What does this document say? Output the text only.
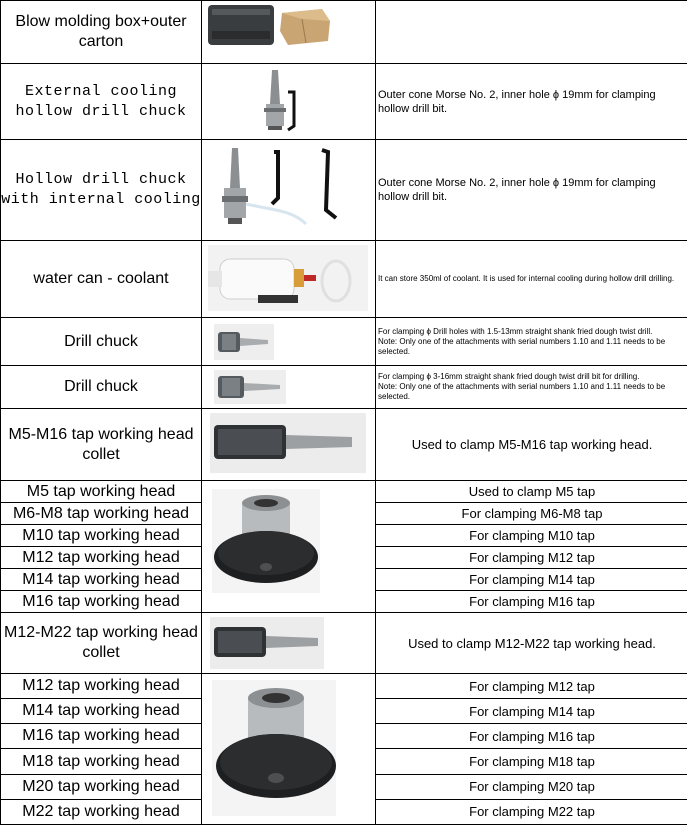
Blow molding box+outer carton	

External cooling hollow drill chuck		Outer cone Morse No. 2, inner hole ϕ 19mm for clamping hollow drill bit.
Hollow drill chuck with internal cooling		Outer cone Morse No. 2, inner hole ϕ 19mm for clamping hollow drill bit.
water can - coolant		It can store 350ml of coolant. It is used for internal cooling during hollow drill drilling.
Drill chuck		For clamping ϕ Drill holes with 1.5-13mm straight shank fried dough twist drill.
Note: Only one of the attachments with serial numbers 1.10 and 1.11 needs to be selected.

Drill chuck		For clamping ϕ 3-16mm straight shank fried dough twist drill bit for drilling.
Note: Only one of the attachments with serial numbers 1.10 and 1.11 needs to be selected.

M5-M16 tap working head collet		Used to clamp M5-M16 tap working head.
M5 tap working head		Used to clamp M5 tap
M6-M8 tap working head		For clamping M6-M8 tap
M10 tap working head		For clamping M10 tap
M12 tap working head		For clamping M12 tap
M14 tap working head		For clamping M14 tap
M16 tap working head		For clamping M16 tap
M12-M22 tap working head collet		Used to clamp M12-M22 tap working head.
M12 tap working head		For clamping M12 tap
M14 tap working head		For clamping M14 tap
M16 tap working head		For clamping M16 tap
M18 tap working head		For clamping M18 tap
M20 tap working head		For clamping M20 tap
M22 tap working head		For clamping M22 tap
